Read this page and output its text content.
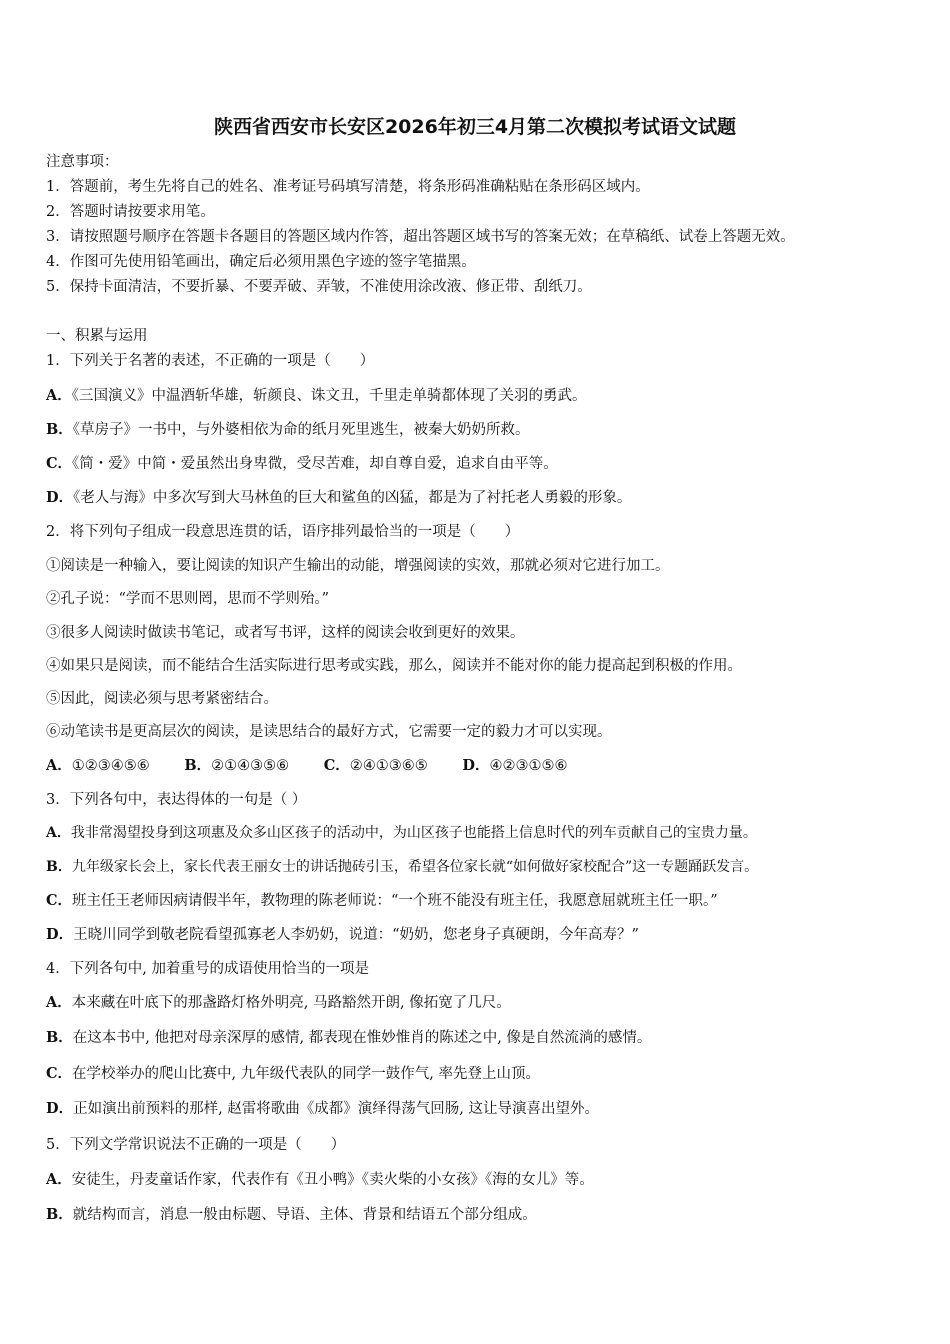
陕西省西安市长安区2026年初三4月第二次模拟考试语文试题
注意事项：
1．答题前，考生先将自己的姓名、准考证号码填写清楚，将条形码准确粘贴在条形码区域内。
2．答题时请按要求用笔。
3．请按照题号顺序在答题卡各题目的答题区域内作答，超出答题区域书写的答案无效；在草稿纸、试卷上答题无效。
4．作图可先使用铅笔画出，确定后必须用黑色字迹的签字笔描黑。
5．保持卡面清洁，不要折暴、不要弄破、弄皱，不准使用涂改液、修正带、刮纸刀。
一、积累与运用
1．下列关于名著的表述，不正确的一项是（　　）
A．《三国演义》中温酒斩华雄，斩颜良、诛文丑，千里走单骑都体现了关羽的勇武。
B．《草房子》一书中，与外婆相依为命的纸月死里逃生，被秦大奶奶所救。
C．《简・爱》中简・爱虽然出身卑微，受尽苦难，却自尊自爱，追求自由平等。
D．《老人与海》中多次写到大马林鱼的巨大和鲨鱼的凶猛，都是为了衬托老人勇毅的形象。
2．将下列句子组成一段意思连贯的话，语序排列最恰当的一项是（　　）
①阅读是一种输入，要让阅读的知识产生输出的动能，增强阅读的实效，那就必须对它进行加工。
②孔子说：“学而不思则罔，思而不学则殆。”
③很多人阅读时做读书笔记，或者写书评，这样的阅读会收到更好的效果。
④如果只是阅读，而不能结合生活实际进行思考或实践，那么，阅读并不能对你的能力提高起到积极的作用。
⑤因此，阅读必须与思考紧密结合。
⑥动笔读书是更高层次的阅读，是读思结合的最好方式，它需要一定的毅力才可以实现。
A．①②③④⑤⑥ B．②①④③⑤⑥ C．②④①③⑥⑤ D．④②③①⑤⑥
3．下列各句中，表达得体的一句是（ ）
A．我非常渴望投身到这项惠及众多山区孩子的活动中，为山区孩子也能搭上信息时代的列车贡献自己的宝贵力量。
B．九年级家长会上，家长代表王丽女士的讲话抛砖引玉，希望各位家长就“如何做好家校配合”这一专题踊跃发言。
C．班主任王老师因病请假半年，教物理的陈老师说：“一个班不能没有班主任，我愿意屈就班主任一职。”
D．王晓川同学到敬老院看望孤寡老人李奶奶，说道：“奶奶，您老身子真硬朗，今年高寿？”
4．下列各句中, 加着重号的成语使用恰当的一项是
A．本来藏在叶底下的那盏路灯格外明亮, 马路豁然开朗, 像拓宽了几尺。
B．在这本书中, 他把对母亲深厚的感情, 都表现在惟妙惟肖的陈述之中, 像是自然流淌的感情。
C．在学校举办的爬山比赛中, 九年级代表队的同学一鼓作气, 率先登上山顶。
D．正如演出前预料的那样, 赵雷将歌曲《成都》演绎得荡气回肠, 这让导演喜出望外。
5．下列文学常识说法不正确的一项是（　　）
A．安徒生，丹麦童话作家，代表作有《丑小鸭》《卖火柴的小女孩》《海的女儿》等。
B．就结构而言，消息一般由标题、导语、主体、背景和结语五个部分组成。
